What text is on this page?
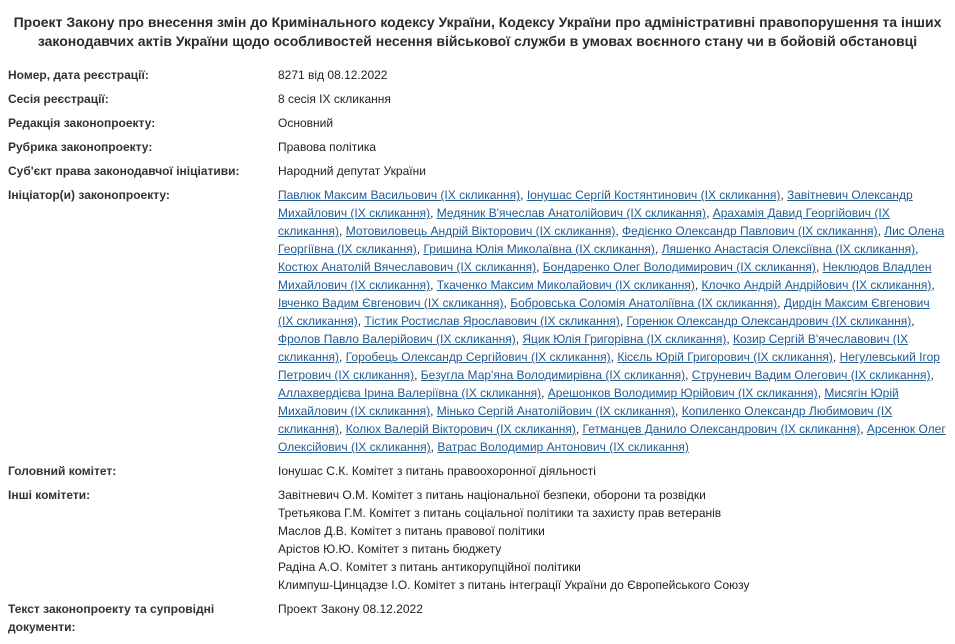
Проект Закону про внесення змін до Кримінального кодексу України, Кодексу України про адміністративні правопорушення та інших законодавчих актів України щодо особливостей несення військової служби в умовах воєнного стану чи в бойовій обстановці
Номер, дата реєстрації:	8271 від 08.12.2022
Сесія реєстрації:	8 сесія IX скликання
Редакція законопроекту:	Основний
Рубрика законопроекту:	Правова політика
Суб'єкт права законодавчої ініціативи:	Народний депутат України
Ініціатор(и) законопроекту:	Павлюк Максим Васильович (IX скликання), Іонушас Сергій Костянтинович (IX скликання), Завітневич Олександр Михайлович (IX скликання), Медяник В'ячеслав Анатолійович (IX скликання), Арахамія Давид Георгійович (IX скликання), Мотовиловець Андрій Вікторович (IX скликання), Федієнко Олександр Павлович (IX скликання), Лис Олена Георгіївна (IX скликання), Гришина Юлія Миколаївна (IX скликання), Ляшенко Анастасія Олексіївна (IX скликання), Костюх Анатолій Вячеславович (IX скликання), Бондаренко Олег Володимирович (IX скликання), Неклюдов Владлен Михайлович (IX скликання), Ткаченко Максим Миколайович (IX скликання), Клочко Андрій Андрійович (IX скликання), Івченко Вадим Євгенович (IX скликання), Бобровська Соломія Анатоліївна (IX скликання), Дирдін Максим Євгенович (IX скликання), Тістик Ростислав Ярославович (IX скликання), Горенюк Олександр Олександрович (IX скликання), Фролов Павло Валерійович (IX скликання), Яцик Юлія Григорівна (IX скликання), Козир Сергій В'ячеславович (IX скликання), Горобець Олександр Сергійович (IX скликання), Кісєль Юрій Григорович (IX скликання), Негулевський Ігор Петрович (IX скликання), Безугла Мар'яна Володимирівна (IX скликання), Струневич Вадим Олегович (IX скликання), Аллахвердієва Ірина Валеріївна (IX скликання), Арешонков Володимир Юрійович (IX скликання), Мисягін Юрій Михайлович (IX скликання), Мінько Сергій Анатолійович (IX скликання), Копиленко Олександр Любимович (IX скликання), Колюх Валерій Вікторович (IX скликання), Гетманцев Данило Олександрович (IX скликання), Арсенюк Олег Олексійович (IX скликання), Ватрас Володимир Антонович (IX скликання)
Головний комітет:	Іонушас С.К. Комітет з питань правоохоронної діяльності
Інші комітети:	Завітневич О.М. Комітет з питань національної безпеки, оборони та розвідки
Третьякова Г.М. Комітет з питань соціальної політики та захисту прав ветеранів
Маслов Д.В. Комітет з питань правової політики
Арістов Ю.Ю. Комітет з питань бюджету
Радіна А.О. Комітет з питань антикорупційної політики
Климпуш-Цинцадзе І.О. Комітет з питань інтеграції України до Європейського Союзу
Текст законопроекту та супровідні документи:
Проект Закону 08.12.2022
